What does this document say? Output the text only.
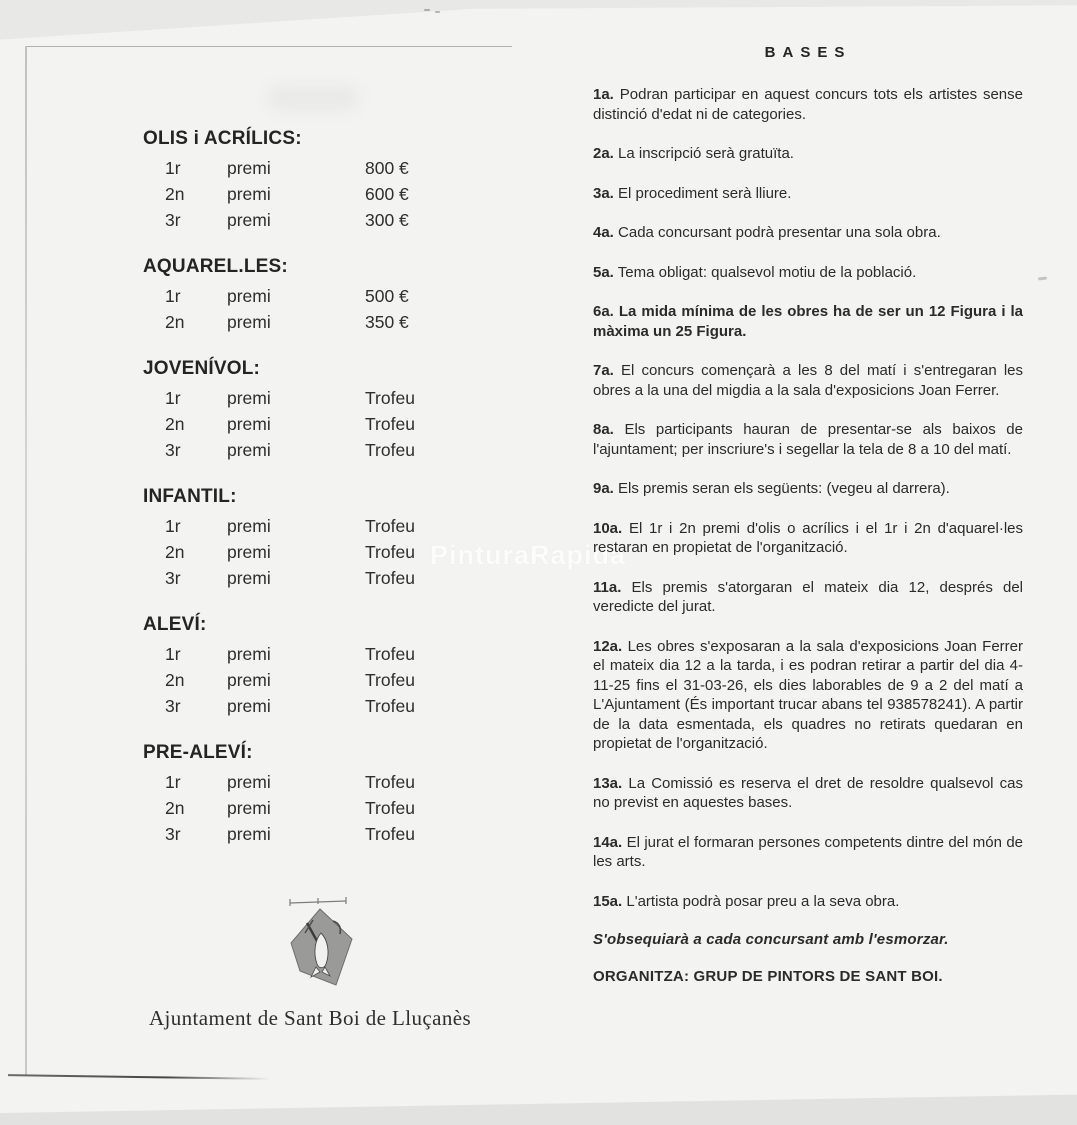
PinturaRapida
OLIS i ACRÍLICS:
1r	premi	800 €
2n	premi	600 €
3r	premi	300 €
AQUAREL.LES:
1r	premi	500 €
2n	premi	350 €
JOVENÍVOL:
1r	premi	Trofeu
2n	premi	Trofeu
3r	premi	Trofeu
INFANTIL:
1r	premi	Trofeu
2n	premi	Trofeu
3r	premi	Trofeu
ALEVÍ:
1r	premi	Trofeu
2n	premi	Trofeu
3r	premi	Trofeu
PRE-ALEVÍ:
1r	premi	Trofeu
2n	premi	Trofeu
3r	premi	Trofeu
Ajuntament de Sant Boi de Lluçanès
BASES

1a. Podran participar en aquest concurs tots els artistes sense distinció d'edat ni de categories.

2a. La inscripció serà gratuïta.

3a. El procediment serà lliure.

4a. Cada concursant podrà presentar una sola obra.

5a. Tema obligat: qualsevol motiu de la població.

6a. La mida mínima de les obres ha de ser un 12 Figura i la màxima un 25 Figura.

7a. El concurs començarà a les 8 del matí i s'entregaran les obres a la una del migdia a la sala d'exposicions Joan Ferrer.

8a. Els participants hauran de presentar-se als baixos de l'ajuntament; per inscriure's i segellar la tela de 8 a 10 del matí.

9a. Els premis seran els següents: (vegeu al darrera).

10a. El 1r i 2n premi d'olis o acrílics i el 1r i 2n d'aquarel·les restaran en propietat de l'organització.

11a. Els premis s'atorgaran el mateix dia 12, després del veredicte del jurat.

12a. Les obres s'exposaran a la sala d'exposicions Joan Ferrer el mateix dia 12 a la tarda, i es podran retirar a partir del dia 4-11-25 fins el 31-03-26, els dies laborables de 9 a 2 del matí a L'Ajuntament (És important trucar abans tel 938578241). A partir de la data esmentada, els quadres no retirats quedaran en propietat de l'organització.

13a. La Comissió es reserva el dret de resoldre qualsevol cas no previst en aquestes bases.

14a. El jurat el formaran persones competents dintre del món de les arts.

15a. L'artista podrà posar preu a la seva obra.

S'obsequiarà a cada concursant amb l'esmorzar.

ORGANITZA: GRUP DE PINTORS DE SANT BOI.
